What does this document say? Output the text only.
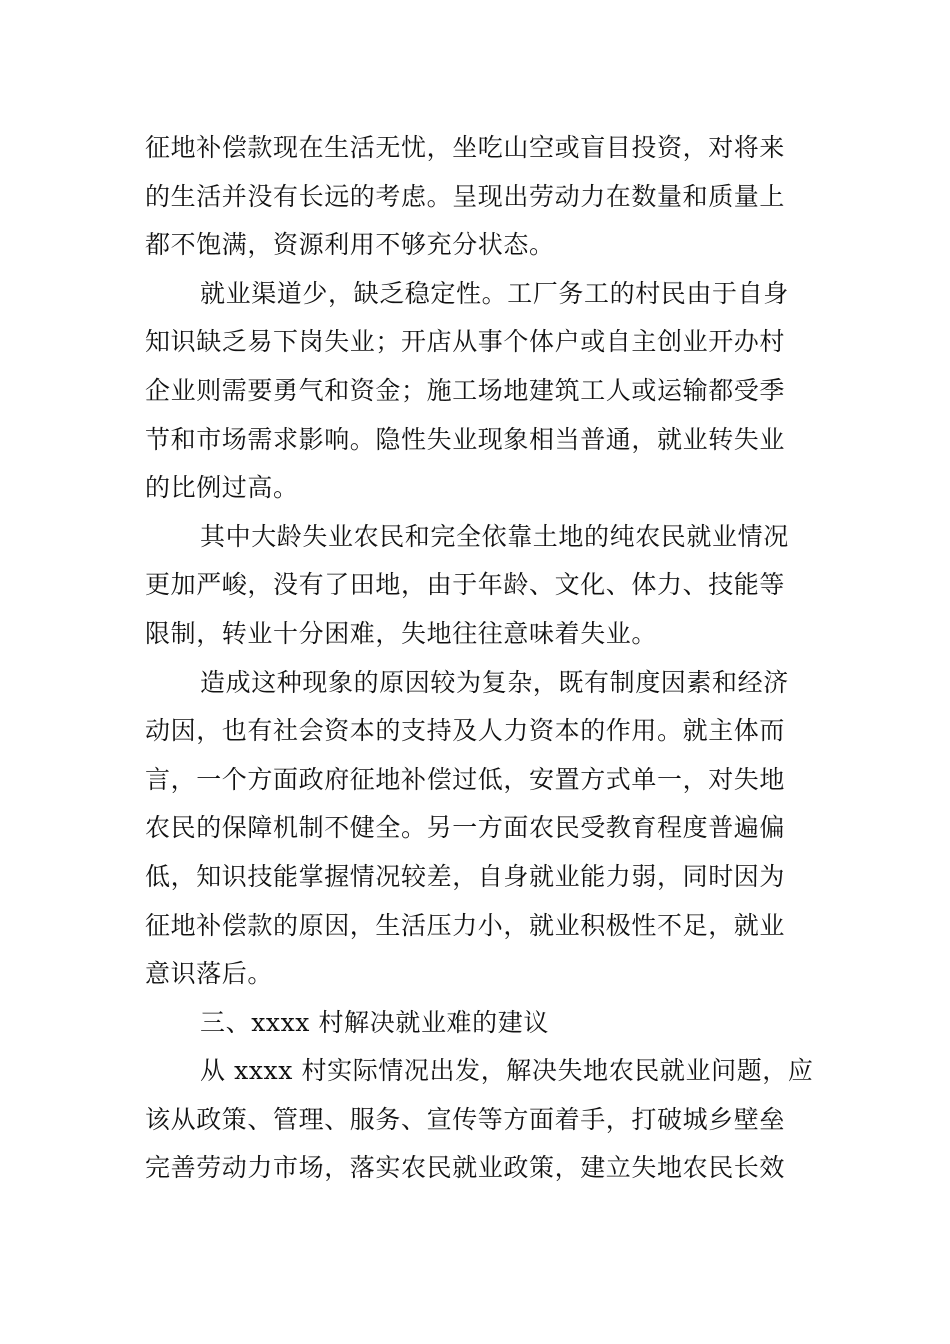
征地补偿款现在生活无忧，坐吃山空或盲目投资，对将来
的生活并没有长远的考虑。呈现出劳动力在数量和质量上
都不饱满，资源利用不够充分状态。
就业渠道少，缺乏稳定性。工厂务工的村民由于自身
知识缺乏易下岗失业；开店从事个体户或自主创业开办村
企业则需要勇气和资金；施工场地建筑工人或运输都受季
节和市场需求影响。隐性失业现象相当普通，就业转失业
的比例过高。
其中大龄失业农民和完全依靠土地的纯农民就业情况
更加严峻，没有了田地，由于年龄、文化、体力、技能等
限制，转业十分困难，失地往往意味着失业。
造成这种现象的原因较为复杂，既有制度因素和经济
动因，也有社会资本的支持及人力资本的作用。就主体而
言，一个方面政府征地补偿过低，安置方式单一，对失地
农民的保障机制不健全。另一方面农民受教育程度普遍偏
低，知识技能掌握情况较差，自身就业能力弱，同时因为
征地补偿款的原因，生活压力小，就业积极性不足，就业
意识落后。
三、xxxx 村解决就业难的建议
从 xxxx 村实际情况出发，解决失地农民就业问题，应
该从政策、管理、服务、宣传等方面着手，打破城乡壁垒
完善劳动力市场，落实农民就业政策，建立失地农民长效
